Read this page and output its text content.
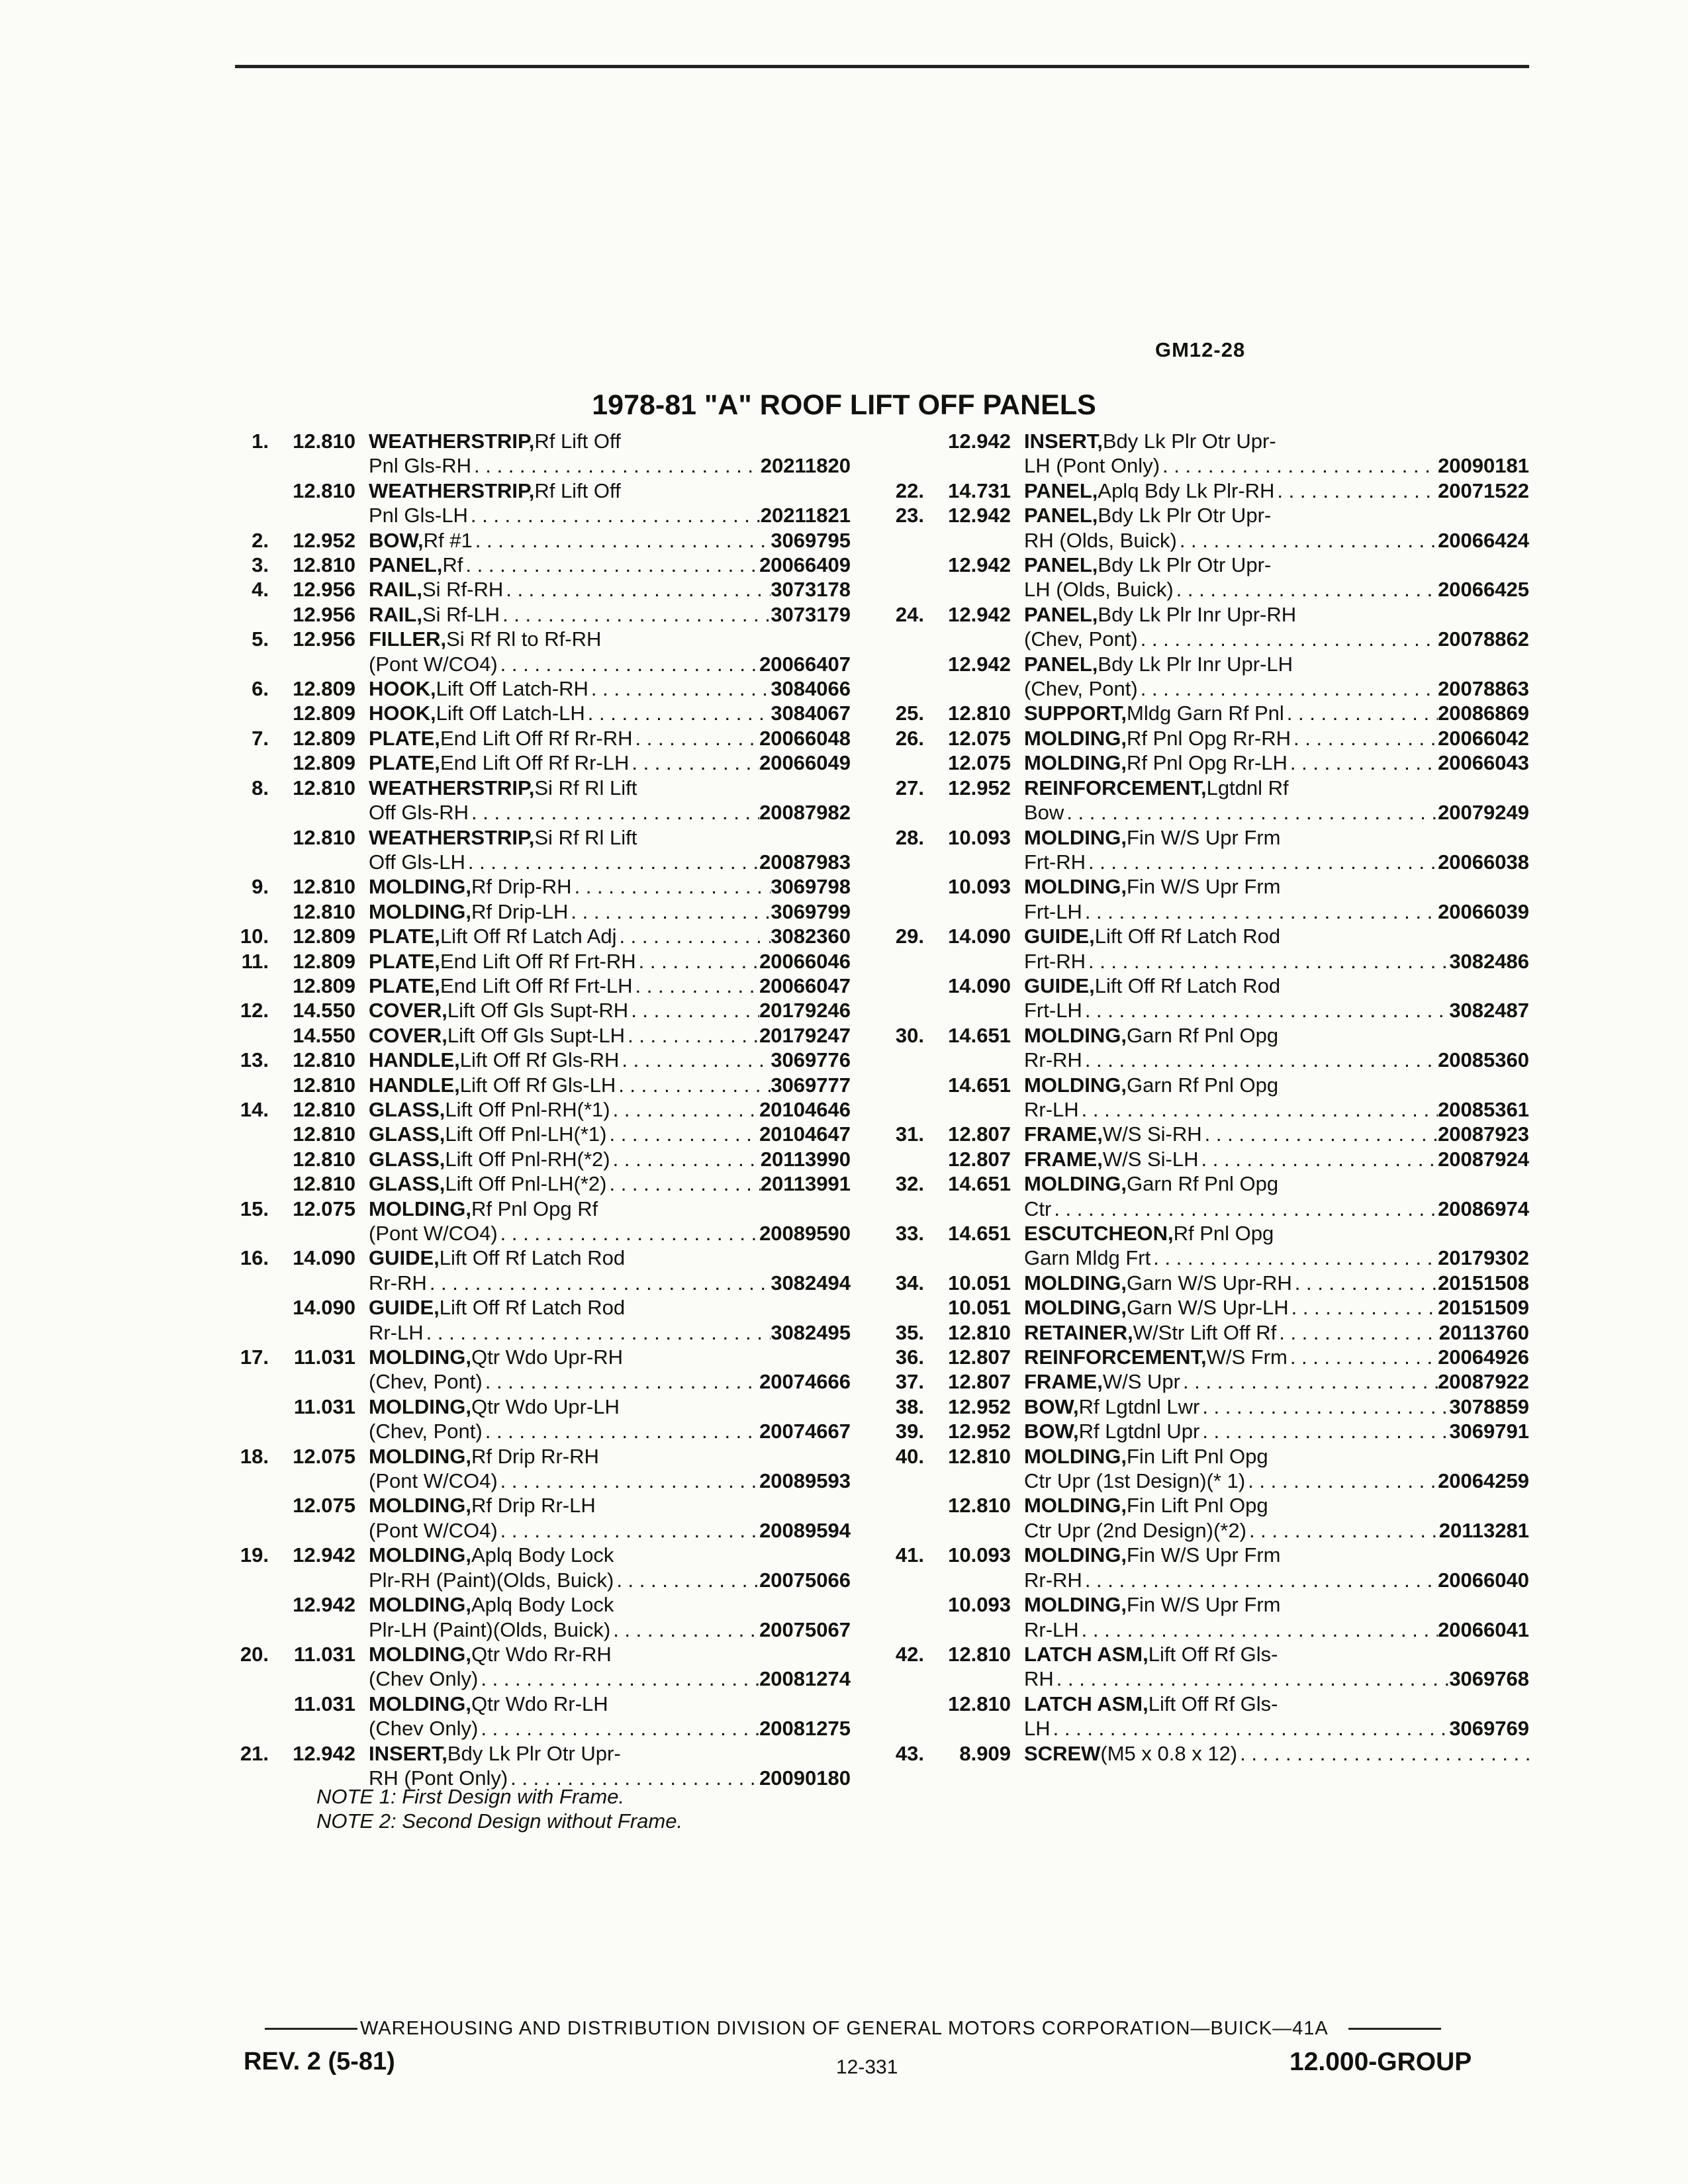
GM12-28
1978-81 "A" ROOF LIFT OFF PANELS
1.	12.810 WEATHERSTRIP, Rf Lift Off
Pnl Gls-RH . . .	20211820
12.810 WEATHERSTRIP, Rf Lift Off
Pnl Gls-LH . . .	20211821
2.	12.952 BOW, Rf #1 . . .	3069795
3.	12.810 PANEL, Rf . . .	20066409
4.	12.956 RAIL, Si Rf-RH . . .	3073178
12.956 RAIL, Si Rf-LH . . .	3073179
5.	12.956 FILLER, Si Rf Rl to Rf-RH
(Pont W/CO4) . . .	20066407
6.	12.809 HOOK, Lift Off Latch-RH . . .	3084066
12.809 HOOK, Lift Off Latch-LH . . .	3084067
7.	12.809 PLATE, End Lift Off Rf Rr-RH . . .	20066048
12.809 PLATE, End Lift Off Rf Rr-LH . . .	20066049
8.	12.810 WEATHERSTRIP, Si Rf Rl Lift
Off Gls-RH . . .	20087982
12.810 WEATHERSTRIP, Si Rf Rl Lift
Off Gls-LH . . .	20087983
9.	12.810 MOLDING, Rf Drip-RH . . .	3069798
12.810 MOLDING, Rf Drip-LH . . .	3069799
10.	12.809 PLATE, Lift Off Rf Latch Adj . . .	3082360
11.	12.809 PLATE, End Lift Off Rf Frt-RH . . .	20066046
12.809 PLATE, End Lift Off Rf Frt-LH . . .	20066047
12.	14.550 COVER, Lift Off Gls Supt-RH . . .	20179246
14.550 COVER, Lift Off Gls Supt-LH . . .	20179247
13.	12.810 HANDLE, Lift Off Rf Gls-RH . . .	3069776
12.810 HANDLE, Lift Off Rf Gls-LH . . .	3069777
14.	12.810 GLASS, Lift Off Pnl-RH(*1) . . .	20104646
12.810 GLASS, Lift Off Pnl-LH(*1) . . .	20104647
12.810 GLASS, Lift Off Pnl-RH(*2) . . .	20113990
12.810 GLASS, Lift Off Pnl-LH(*2) . . .	20113991
15.	12.075 MOLDING, Rf Pnl Opg Rf
(Pont W/CO4) . . .	20089590
16.	14.090 GUIDE, Lift Off Rf Latch Rod
Rr-RH . . .	3082494
14.090 GUIDE, Lift Off Rf Latch Rod
Rr-LH . . .	3082495
17.	11.031 MOLDING, Qtr Wdo Upr-RH
(Chev, Pont) . . .	20074666
11.031 MOLDING, Qtr Wdo Upr-LH
(Chev, Pont) . . .	20074667
18.	12.075 MOLDING, Rf Drip Rr-RH
(Pont W/CO4) . . .	20089593
12.075 MOLDING, Rf Drip Rr-LH
(Pont W/CO4) . . .	20089594
19.	12.942 MOLDING, Aplq Body Lock
Plr-RH (Paint)(Olds, Buick) . . .	20075066
12.942 MOLDING, Aplq Body Lock
Plr-LH (Paint)(Olds, Buick) . . .	20075067
20.	11.031 MOLDING, Qtr Wdo Rr-RH
(Chev Only) . . .	20081274
11.031 MOLDING, Qtr Wdo Rr-LH
(Chev Only) . . .	20081275
21.	12.942 INSERT, Bdy Lk Plr Otr Upr-
RH (Pont Only) . . .	20090180
12.942 INSERT, Bdy Lk Plr Otr Upr-
LH (Pont Only) . . .	20090181
22.	14.731 PANEL, Aplq Bdy Lk Plr-RH . . .	20071522
23.	12.942 PANEL, Bdy Lk Plr Otr Upr-
RH (Olds, Buick) . . .	20066424
12.942 PANEL, Bdy Lk Plr Otr Upr-
LH (Olds, Buick) . . .	20066425
24.	12.942 PANEL, Bdy Lk Plr Inr Upr-RH
(Chev, Pont) . . .	20078862
12.942 PANEL, Bdy Lk Plr Inr Upr-LH
(Chev, Pont) . . .	20078863
25.	12.810 SUPPORT, Mldg Garn Rf Pnl . . .	20086869
26.	12.075 MOLDING, Rf Pnl Opg Rr-RH . . .	20066042
12.075 MOLDING, Rf Pnl Opg Rr-LH . . .	20066043
27.	12.952 REINFORCEMENT, Lgtdnl Rf
Bow . . .	20079249
28.	10.093 MOLDING, Fin W/S Upr Frm
Frt-RH . . .	20066038
10.093 MOLDING, Fin W/S Upr Frm
Frt-LH . . .	20066039
29.	14.090 GUIDE, Lift Off Rf Latch Rod
Frt-RH . . .	3082486
14.090 GUIDE, Lift Off Rf Latch Rod
Frt-LH . . .	3082487
30.	14.651 MOLDING, Garn Rf Pnl Opg
Rr-RH . . .	20085360
14.651 MOLDING, Garn Rf Pnl Opg
Rr-LH . . .	20085361
31.	12.807 FRAME, W/S Si-RH . . .	20087923
12.807 FRAME, W/S Si-LH . . .	20087924
32.	14.651 MOLDING, Garn Rf Pnl Opg
Ctr . . .	20086974
33.	14.651 ESCUTCHEON, Rf Pnl Opg
Garn Mldg Frt . . .	20179302
34.	10.051 MOLDING, Garn W/S Upr-RH . . .	20151508
10.051 MOLDING, Garn W/S Upr-LH . . .	20151509
35.	12.810 RETAINER, W/Str Lift Off Rf . . .	20113760
36.	12.807 REINFORCEMENT, W/S Frm . . .	20064926
37.	12.807 FRAME, W/S Upr . . .	20087922
38.	12.952 BOW, Rf Lgtdnl Lwr . . .	3078859
39.	12.952 BOW, Rf Lgtdnl Upr . . .	3069791
40.	12.810 MOLDING, Fin Lift Pnl Opg
Ctr Upr (1st Design)(* 1) . . .	20064259
12.810 MOLDING, Fin Lift Pnl Opg
Ctr Upr (2nd Design)(*2) . . .	20113281
41.	10.093 MOLDING, Fin W/S Upr Frm
Rr-RH . . .	20066040
10.093 MOLDING, Fin W/S Upr Frm
Rr-LH . . .	20066041
42.	12.810 LATCH ASM, Lift Off Rf Gls-
RH . . .	3069768
12.810 LATCH ASM, Lift Off Rf Gls-
LH . . .	3069769
43.	8.909 SCREW (M5 x 0.8 x 12)
. . .
NOTE 1: First Design with Frame.
NOTE 2: Second Design without Frame.
WAREHOUSING AND DISTRIBUTION DIVISION OF GENERAL MOTORS CORPORATION—BUICK—41A
REV. 2 (5-81)	12-331	12.000-GROUP
